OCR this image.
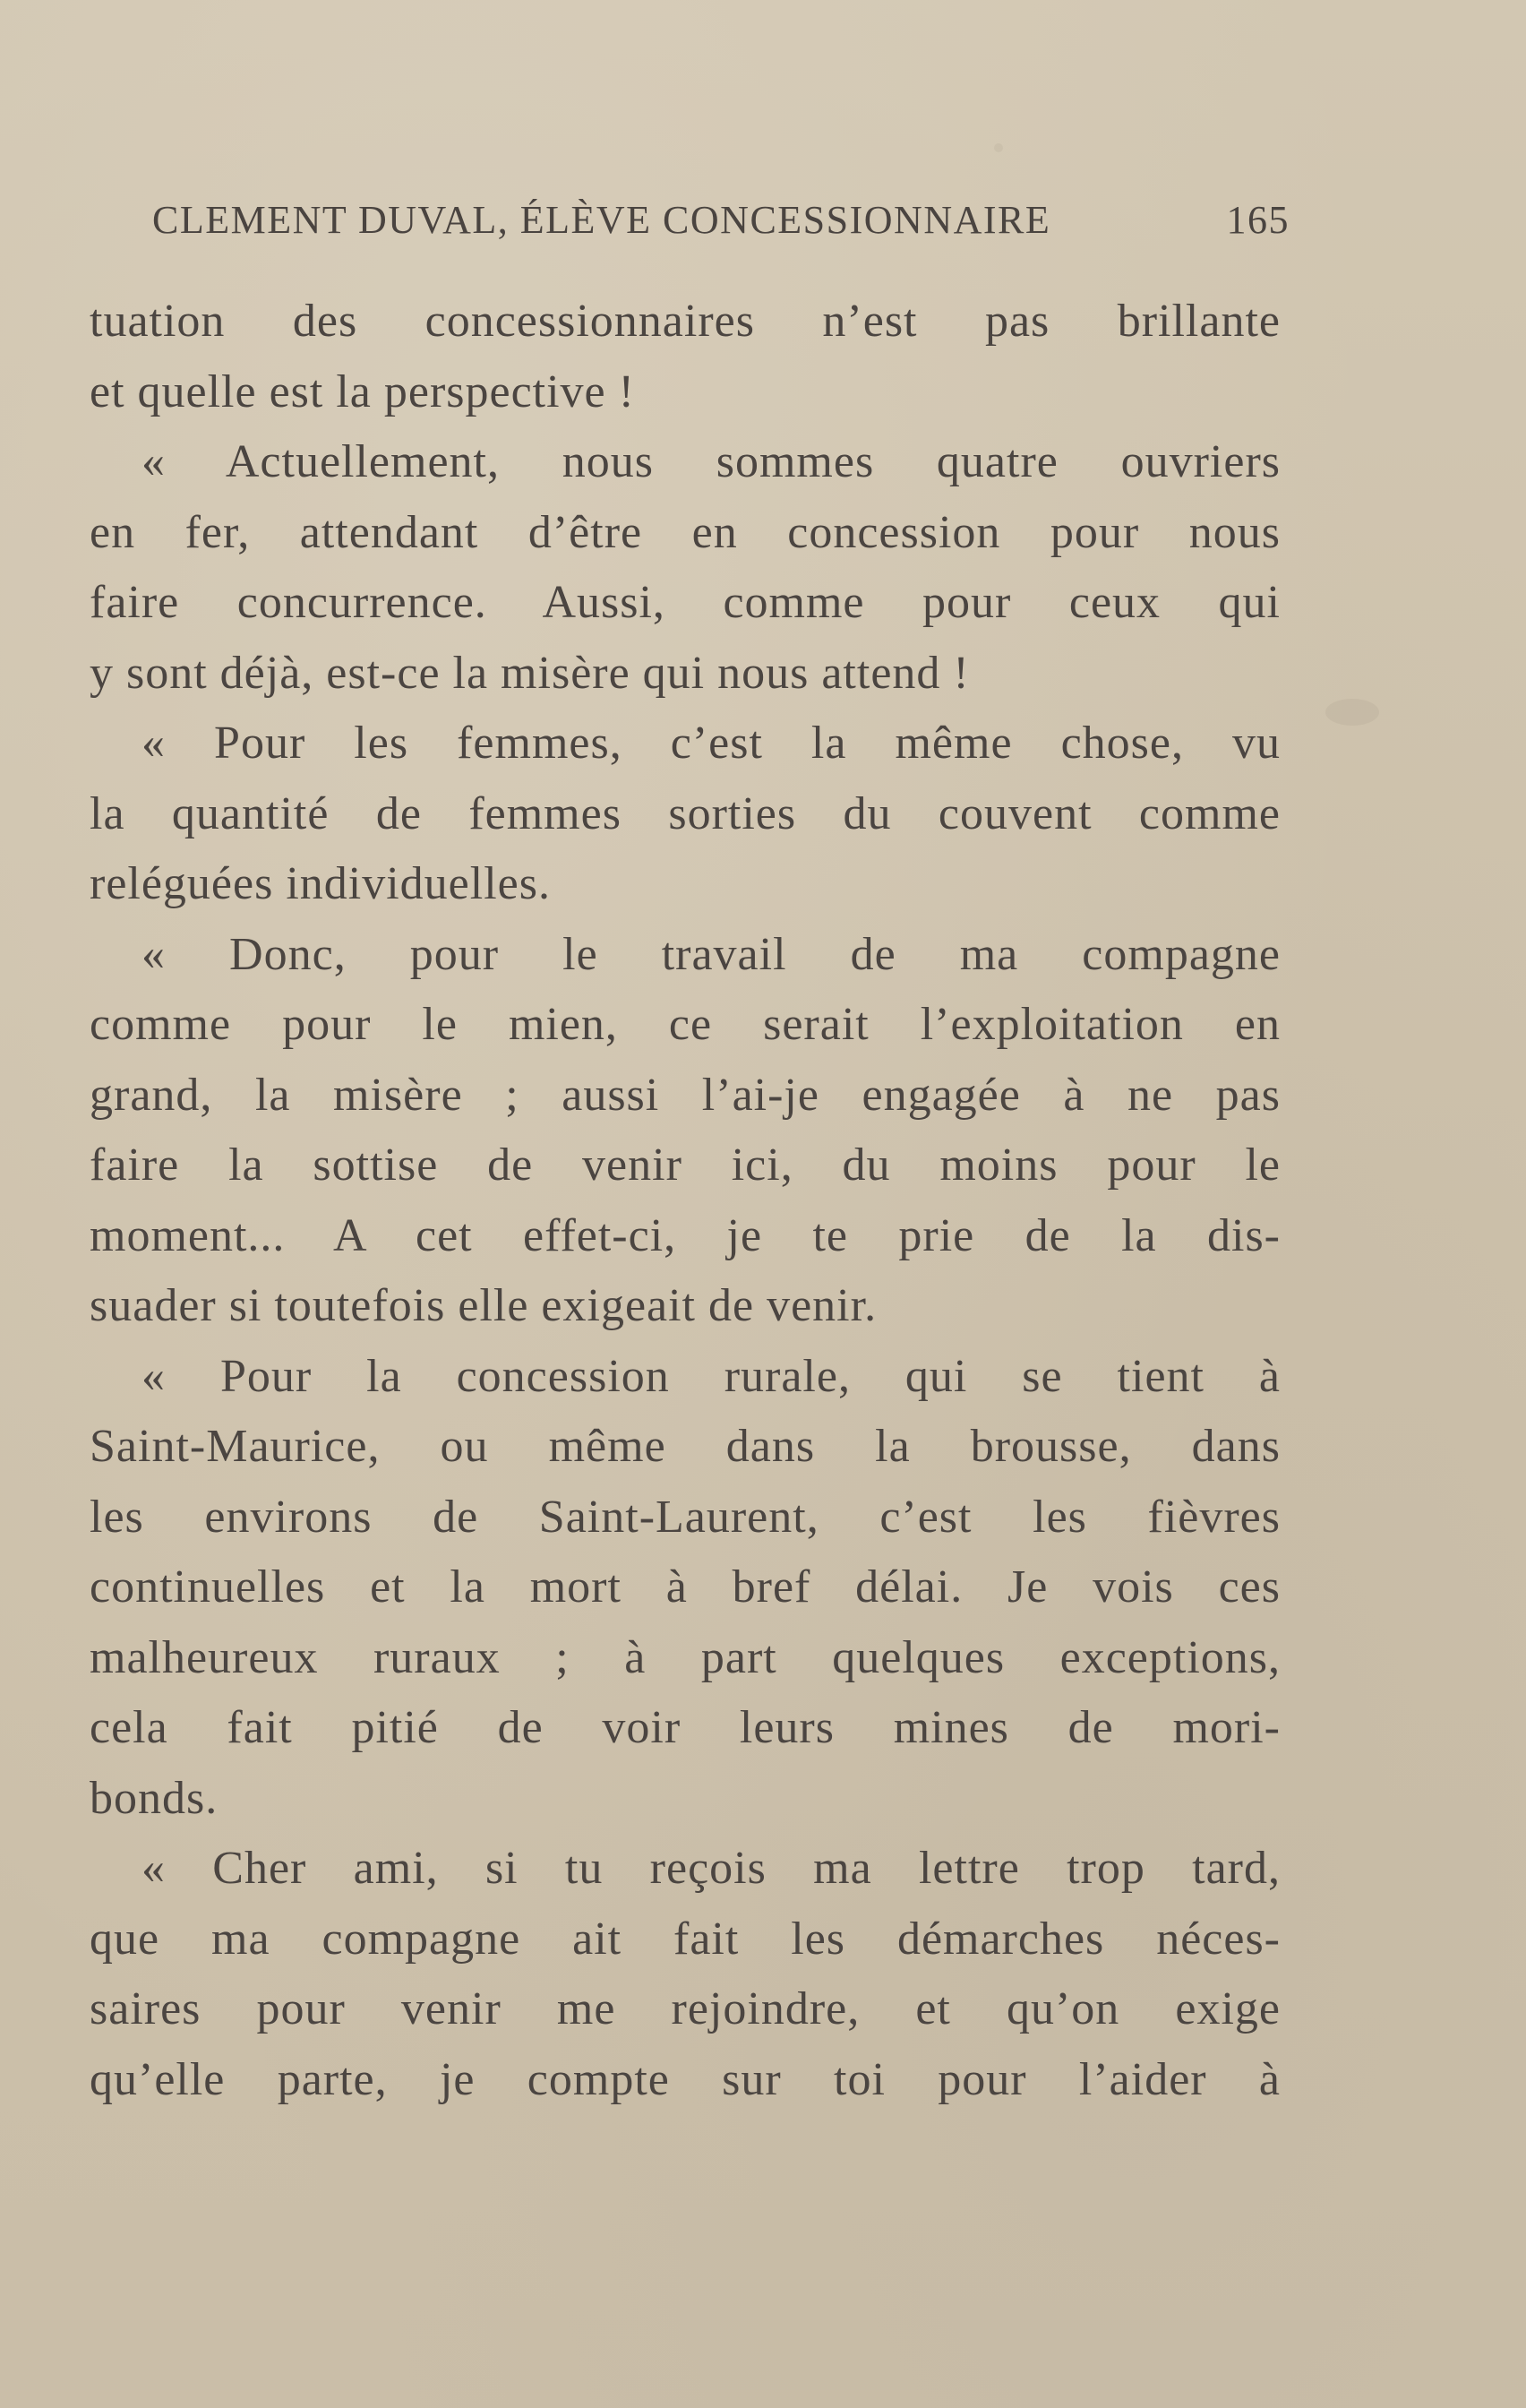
CLEMENT DUVAL, ÉLÈVE CONCESSIONNAIRE	165
tuation des concessionnaires n’est pas brillante
et quelle est la perspective !
« Actuellement, nous sommes quatre ouvriers
en fer, attendant d’être en concession pour nous
faire concurrence. Aussi, comme pour ceux qui
y sont déjà, est-ce la misère qui nous attend !
« Pour les femmes, c’est la même chose, vu
la quantité de femmes sorties du couvent comme
reléguées individuelles.
« Donc, pour le travail de ma compagne
comme pour le mien, ce serait l’exploitation en
grand, la misère ; aussi l’ai-je engagée à ne pas
faire la sottise de venir ici, du moins pour le
moment... A cet effet-ci, je te prie de la dis-
suader si toutefois elle exigeait de venir.
« Pour la concession rurale, qui se tient à
Saint-Maurice, ou même dans la brousse, dans
les environs de Saint-Laurent, c’est les fièvres
continuelles et la mort à bref délai. Je vois ces
malheureux ruraux ; à part quelques exceptions,
cela fait pitié de voir leurs mines de mori-
bonds.
« Cher ami, si tu reçois ma lettre trop tard,
que ma compagne ait fait les démarches néces-
saires pour venir me rejoindre, et qu’on exige
qu’elle parte, je compte sur toi pour l’aider à
